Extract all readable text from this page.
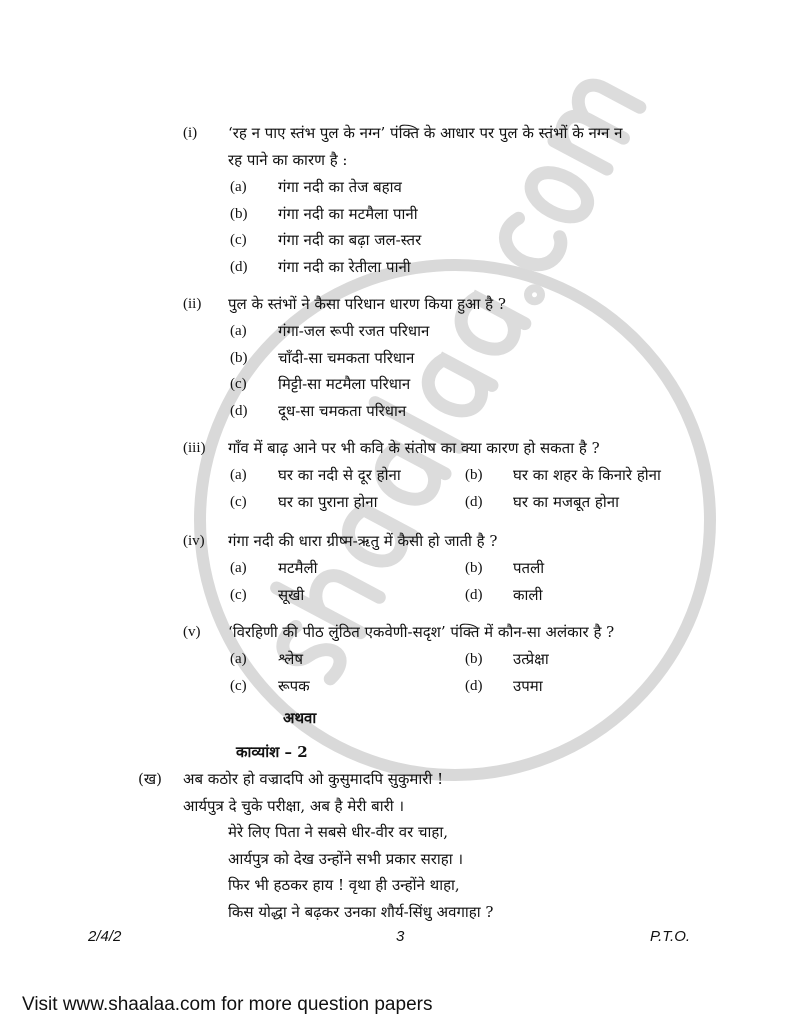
(i) ‘रह न पाए स्तंभ पुल के नग्न’ पंक्ति के आधार पर पुल के स्तंभों के नग्न न
रह पाने का कारण है :
(a) गंगा नदी का तेज बहाव
(b) गंगा नदी का मटमैला पानी
(c) गंगा नदी का बढ़ा जल-स्तर
(d) गंगा नदी का रेतीला पानी
(ii) पुल के स्तंभों ने कैसा परिधान धारण किया हुआ है ?
(a) गंगा-जल रूपी रजत परिधान
(b) चाँदी-सा चमकता परिधान
(c) मिट्टी-सा मटमैला परिधान
(d) दूध-सा चमकता परिधान
(iii) गाँव में बाढ़ आने पर भी कवि के संतोष का क्या कारण हो सकता है ?
(a) घर का नदी से दूर होना	(b) घर का शहर के किनारे होना
(c) घर का पुराना होना	(d) घर का मजबूत होना
(iv) गंगा नदी की धारा ग्रीष्म-ऋतु में कैसी हो जाती है ?
(a) मटमैली	(b) पतली
(c) सूखी	(d) काली
(v) ‘विरहिणी की पीठ लुंठित एकवेणी-सदृश’ पंक्ति में कौन-सा अलंकार है ?
(a) श्लेष	(b) उत्प्रेक्षा
(c) रूपक	(d) उपमा
अथवा
काव्यांश – 2
(ख) अब कठोर हो वज्रादपि ओ कुसुमादपि सुकुमारी !
आर्यपुत्र दे चुके परीक्षा, अब है मेरी बारी ।
मेरे लिए पिता ने सबसे धीर-वीर वर चाहा,
आर्यपुत्र को देख उन्होंने सभी प्रकार सराहा ।
फिर भी हठकर हाय ! वृथा ही उन्होंने थाहा,
किस योद्धा ने बढ़कर उनका शौर्य-सिंधु अवगाहा ?
2/4/2	3	P.T.O.
Visit www.shaalaa.com for more question papers
